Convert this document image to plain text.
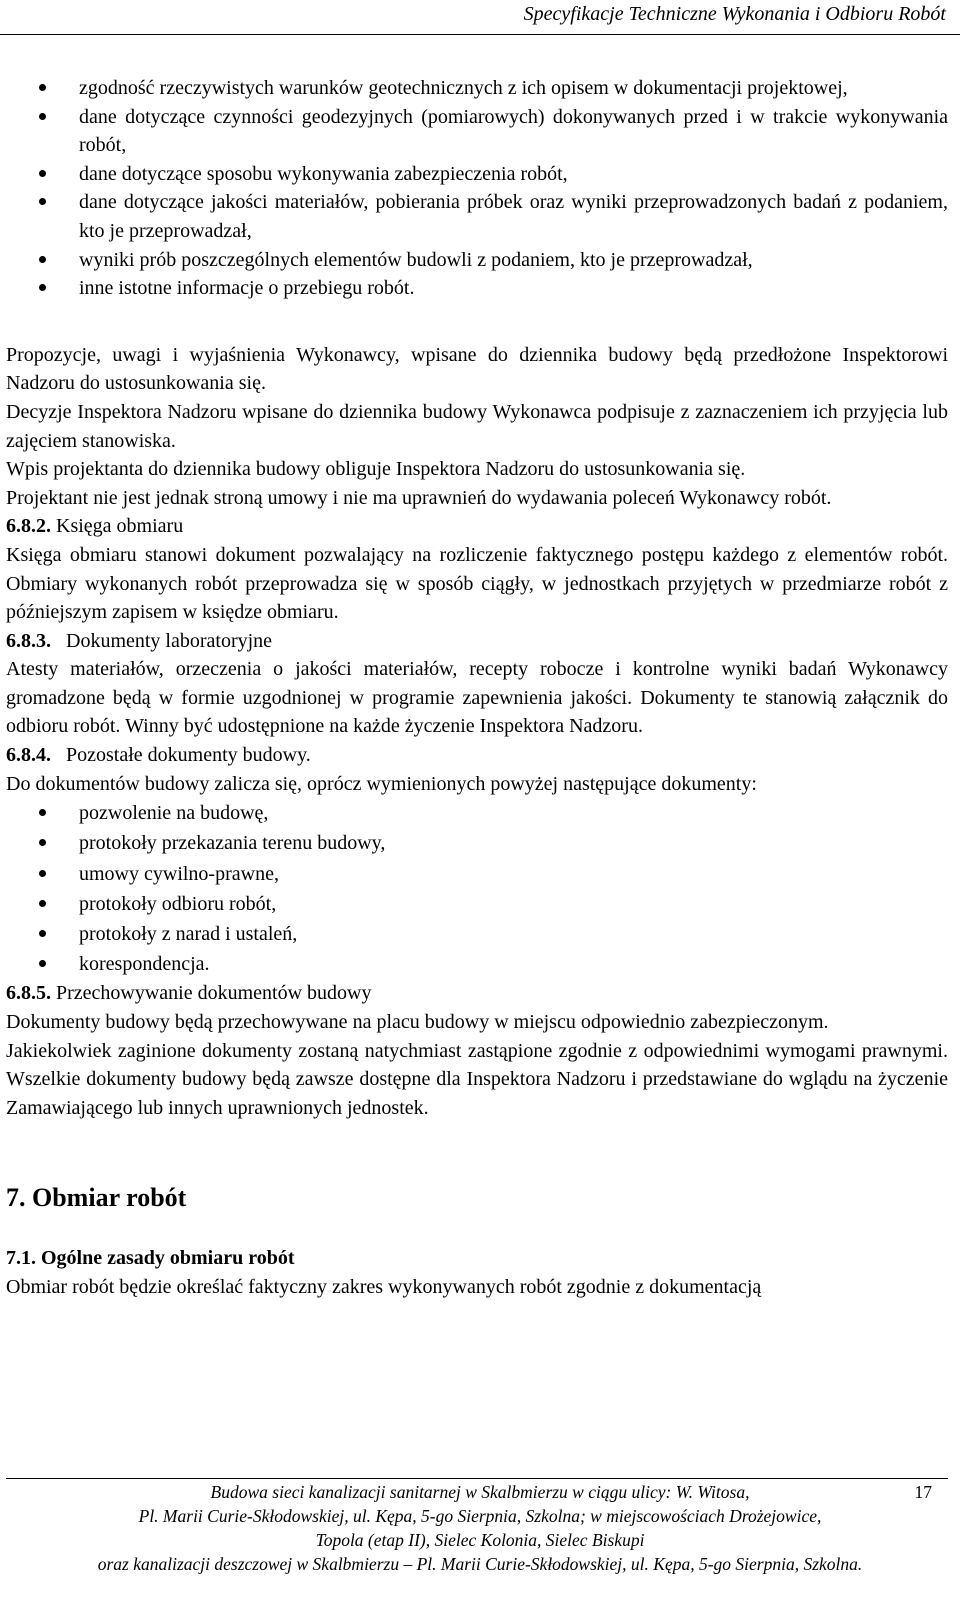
Specyfikacje Techniczne Wykonania i Odbioru Robót
zgodność rzeczywistych warunków geotechnicznych z ich opisem w dokumentacji projektowej,
dane dotyczące czynności geodezyjnych (pomiarowych) dokonywanych przed i w trakcie wykonywania robót,
dane dotyczące sposobu wykonywania zabezpieczenia robót,
dane dotyczące jakości materiałów, pobierania próbek oraz wyniki przeprowadzonych badań z podaniem, kto je przeprowadzał,
wyniki prób poszczególnych elementów budowli z podaniem, kto je przeprowadzał,
inne istotne informacje o przebiegu robót.

Propozycje, uwagi i wyjaśnienia Wykonawcy, wpisane do dziennika budowy będą przedłożone Inspektorowi Nadzoru do ustosunkowania się.

Decyzje Inspektora Nadzoru wpisane do dziennika budowy Wykonawca podpisuje z zaznaczeniem ich przyjęcia lub zajęciem stanowiska.

Wpis projektanta do dziennika budowy obliguje Inspektora Nadzoru do ustosunkowania się.

Projektant nie jest jednak stroną umowy i nie ma uprawnień do wydawania poleceń Wykonawcy robót.

6.8.2. Księga obmiaru

Księga obmiaru stanowi dokument pozwalający na rozliczenie faktycznego postępu każdego z elementów robót. Obmiary wykonanych robót przeprowadza się w sposób ciągły, w jednostkach przyjętych w przedmiarze robót z późniejszym zapisem w księdze obmiaru.

6.8.3. Dokumenty laboratoryjne

Atesty materiałów, orzeczenia o jakości materiałów, recepty robocze i kontrolne wyniki badań Wykonawcy gromadzone będą w formie uzgodnionej w programie zapewnienia jakości. Dokumenty te stanowią załącznik do odbioru robót. Winny być udostępnione na każde życzenie Inspektora Nadzoru.

6.8.4. Pozostałe dokumenty budowy.

Do dokumentów budowy zalicza się, oprócz wymienionych powyżej następujące dokumenty:

pozwolenie na budowę,
protokoły przekazania terenu budowy,
umowy cywilno-prawne,
protokoły odbioru robót,
protokoły z narad i ustaleń,
korespondencja.

6.8.5. Przechowywanie dokumentów budowy

Dokumenty budowy będą przechowywane na placu budowy w miejscu odpowiednio zabezpieczonym.

Jakiekolwiek zaginione dokumenty zostaną natychmiast zastąpione zgodnie z odpowiednimi wymogami prawnymi. Wszelkie dokumenty budowy będą zawsze dostępne dla Inspektora Nadzoru i przedstawiane do wglądu na życzenie Zamawiającego lub innych uprawnionych jednostek.

7. Obmiar robót

7.1. Ogólne zasady obmiaru robót

Obmiar robót będzie określać faktyczny zakres wykonywanych robót zgodnie z dokumentacją

Budowa sieci kanalizacji sanitarnej w Skalbmierzu w ciągu ulicy: W. Witosa,
Pl. Marii Curie-Skłodowskiej, ul. Kępa, 5-go Sierpnia, Szkolna; w miejscowościach Drożejowice,
Topola (etap II), Sielec Kolonia, Sielec Biskupi
oraz kanalizacji deszczowej w Skalbmierzu – Pl. Marii Curie-Skłodowskiej, ul. Kępa, 5-go Sierpnia, Szkolna.
17
